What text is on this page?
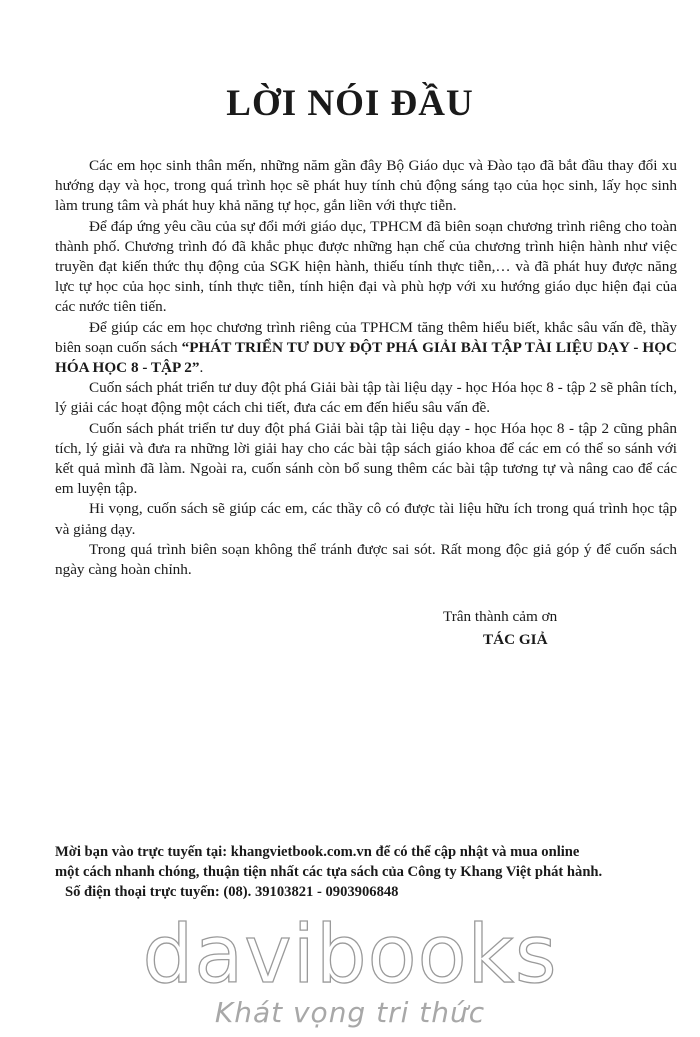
LỜI NÓI ĐẦU

Các em học sinh thân mến, những năm gần đây Bộ Giáo dục và Đào tạo đã bắt đầu thay đổi xu hướng dạy và học, trong quá trình học sẽ phát huy tính chủ động sáng tạo của học sinh, lấy học sinh làm trung tâm và phát huy khả năng tự học, gắn liền với thực tiễn.

Để đáp ứng yêu cầu của sự đổi mới giáo dục, TPHCM đã biên soạn chương trình riêng cho toàn thành phố. Chương trình đó đã khắc phục được những hạn chế của chương trình hiện hành như việc truyền đạt kiến thức thụ động của SGK hiện hành, thiếu tính thực tiễn,… và đã phát huy được năng lực tự học của học sinh, tính thực tiễn, tính hiện đại và phù hợp với xu hướng giáo dục hiện đại của các nước tiên tiến.

Để giúp các em học chương trình riêng của TPHCM tăng thêm hiểu biết, khắc sâu vấn đề, thầy biên soạn cuốn sách “PHÁT TRIỂN TƯ DUY ĐỘT PHÁ GIẢI BÀI TẬP TÀI LIỆU DẠY - HỌC HÓA HỌC 8 - TẬP 2”.

Cuốn sách phát triển tư duy đột phá Giải bài tập tài liệu dạy - học Hóa học 8 - tập 2 sẽ phân tích, lý giải các hoạt động một cách chi tiết, đưa các em đến hiểu sâu vấn đề.

Cuốn sách phát triển tư duy đột phá Giải bài tập tài liệu dạy - học Hóa học 8 - tập 2 cũng phân tích, lý giải và đưa ra những lời giải hay cho các bài tập sách giáo khoa để các em có thể so sánh với kết quả mình đã làm. Ngoài ra, cuốn sánh còn bổ sung thêm các bài tập tương tự và nâng cao để các em luyện tập.

Hi vọng, cuốn sách sẽ giúp các em, các thầy cô có được tài liệu hữu ích trong quá trình học tập và giảng dạy.

Trong quá trình biên soạn không thể tránh được sai sót. Rất mong độc giả góp ý để cuốn sách ngày càng hoàn chỉnh.

Trân thành cảm ơn
TÁC GIẢ
Mời bạn vào trực tuyến tại: khangvietbook.com.vn để có thể cập nhật và mua online
một cách nhanh chóng, thuận tiện nhất các tựa sách của Công ty Khang Việt phát hành.
Số điện thoại trực tuyến: (08). 39103821 - 0903906848
davibooks
Khát vọng tri thức
